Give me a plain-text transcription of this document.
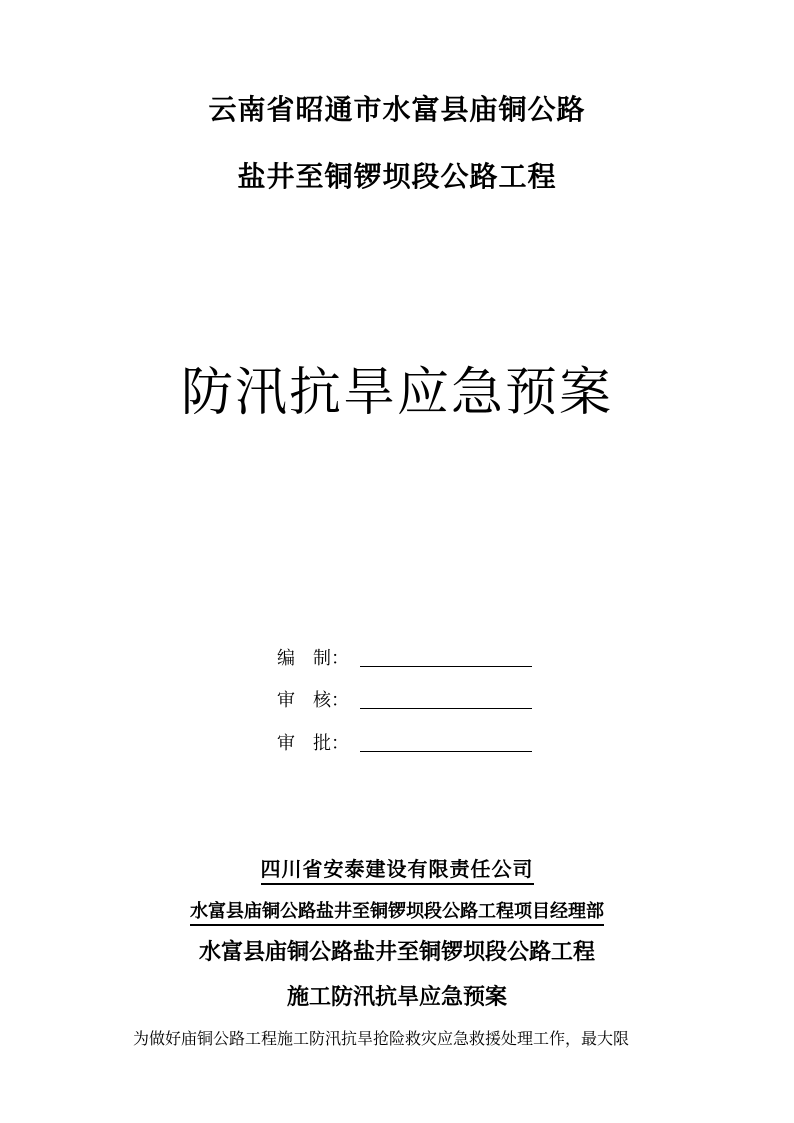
云南省昭通市水富县庙铜公路
盐井至铜锣坝段公路工程
防汛抗旱应急预案
编　制：
审　核：
审　批：
四川省安泰建设有限责任公司
水富县庙铜公路盐井至铜锣坝段公路工程项目经理部
水富县庙铜公路盐井至铜锣坝段公路工程
施工防汛抗旱应急预案
为做好庙铜公路工程施工防汛抗旱抢险救灾应急救援处理工作，最大限
